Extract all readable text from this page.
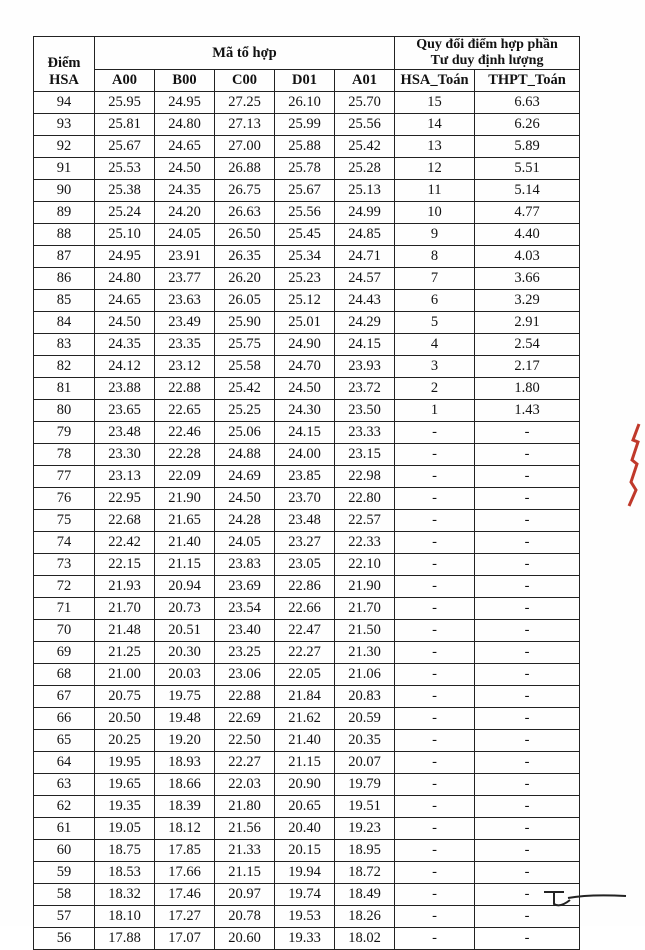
Điểm
HSA	Mã tổ hợp					Quy đổi điểm hợp phần
Tư duy định lượng	
	A00	B00	C00	D01	A01	HSA_Toán	THPT_Toán
94	25.95	24.95	27.25	26.10	25.70	15	6.63
93	25.81	24.80	27.13	25.99	25.56	14	6.26
92	25.67	24.65	27.00	25.88	25.42	13	5.89
91	25.53	24.50	26.88	25.78	25.28	12	5.51
90	25.38	24.35	26.75	25.67	25.13	11	5.14
89	25.24	24.20	26.63	25.56	24.99	10	4.77
88	25.10	24.05	26.50	25.45	24.85	9	4.40
87	24.95	23.91	26.35	25.34	24.71	8	4.03
86	24.80	23.77	26.20	25.23	24.57	7	3.66
85	24.65	23.63	26.05	25.12	24.43	6	3.29
84	24.50	23.49	25.90	25.01	24.29	5	2.91
83	24.35	23.35	25.75	24.90	24.15	4	2.54
82	24.12	23.12	25.58	24.70	23.93	3	2.17
81	23.88	22.88	25.42	24.50	23.72	2	1.80
80	23.65	22.65	25.25	24.30	23.50	1	1.43
79	23.48	22.46	25.06	24.15	23.33	-	-
78	23.30	22.28	24.88	24.00	23.15	-	-
77	23.13	22.09	24.69	23.85	22.98	-	-
76	22.95	21.90	24.50	23.70	22.80	-	-
75	22.68	21.65	24.28	23.48	22.57	-	-
74	22.42	21.40	24.05	23.27	22.33	-	-
73	22.15	21.15	23.83	23.05	22.10	-	-
72	21.93	20.94	23.69	22.86	21.90	-	-
71	21.70	20.73	23.54	22.66	21.70	-	-
70	21.48	20.51	23.40	22.47	21.50	-	-
69	21.25	20.30	23.25	22.27	21.30	-	-
68	21.00	20.03	23.06	22.05	21.06	-	-
67	20.75	19.75	22.88	21.84	20.83	-	-
66	20.50	19.48	22.69	21.62	20.59	-	-
65	20.25	19.20	22.50	21.40	20.35	-	-
64	19.95	18.93	22.27	21.15	20.07	-	-
63	19.65	18.66	22.03	20.90	19.79	-	-
62	19.35	18.39	21.80	20.65	19.51	-	-
61	19.05	18.12	21.56	20.40	19.23	-	-
60	18.75	17.85	21.33	20.15	18.95	-	-
59	18.53	17.66	21.15	19.94	18.72	-	-
58	18.32	17.46	20.97	19.74	18.49	-	-
57	18.10	17.27	20.78	19.53	18.26	-	-
56	17.88	17.07	20.60	19.33	18.02	-	-
